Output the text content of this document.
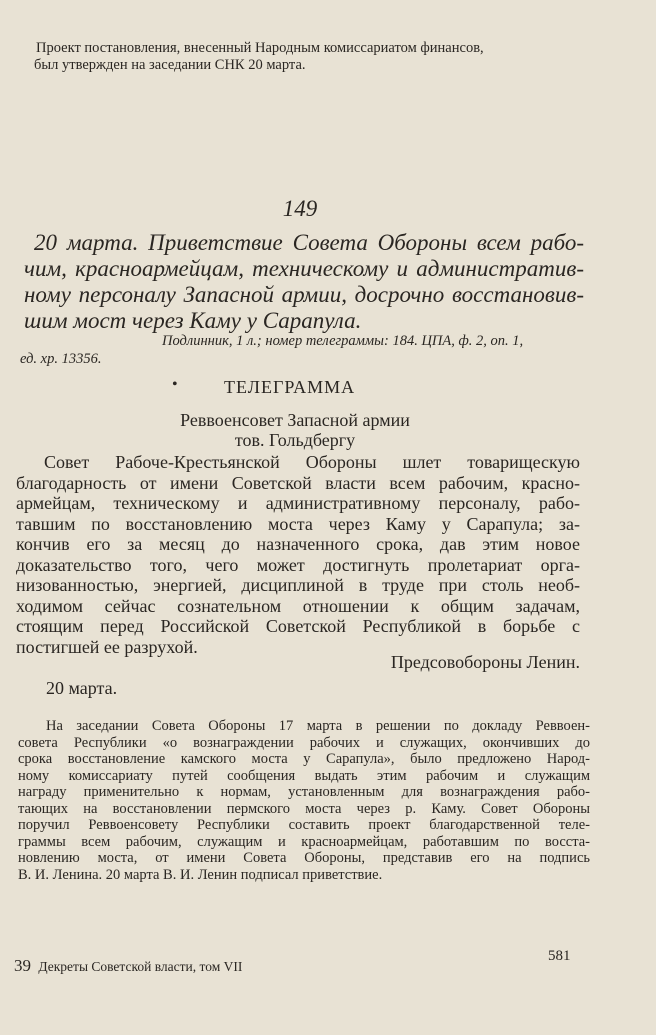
Проект постановления, внесенный Народным комиссариатом финансов,
был утвержден на заседании СНК 20 марта.
149
20 марта. Приветствие Совета Обороны всем рабо-
чим, красноармейцам, техническому и административ-
ному персоналу Запасной армии, досрочно восстановив-
шим мост через Каму у Сарапула.
Подлинник, 1 л.; номер телеграммы: 184. ЦПА, ф. 2, оп. 1,
ед. хр. 13356.
•	ТЕЛЕГРАММА
Реввоенсовет Запасной армии
тов. Гольдбергу
Совет Рабоче-Крестьянской Обороны шлет товарищескую
благодарность от имени Советской власти всем рабочим, красно-
армейцам, техническому и административному персоналу, рабо-
тавшим по восстановлению моста через Каму у Сарапула; за-
кончив его за месяц до назначенного срока, дав этим новое
доказательство того, чего может достигнуть пролетариат орга-
низованностью, энергией, дисциплиной в труде при столь необ-
ходимом сейчас сознательном отношении к общим задачам,
стоящим перед Российской Советской Республикой в борьбе с
постигшей ее разрухой.
Предсовобороны Ленин.
20 марта.
На заседании Совета Обороны 17 марта в решении по докладу Реввоен-
совета Республики «о вознаграждении рабочих и служащих, окончивших до
срока восстановление камского моста у Сарапула», было предложено Народ-
ному комиссариату путей сообщения выдать этим рабочим и служащим
награду применительно к нормам, установленным для вознаграждения рабо-
тающих на восстановлении пермского моста через р. Каму. Совет Обороны
поручил Реввоенсовету Республики составить проект благодарственной теле-
граммы всем рабочим, служащим и красноармейцам, работавшим по восста-
новлению моста, от имени Совета Обороны, представив его на подпись
В. И. Ленина. 20 марта В. И. Ленин подписал приветствие.
39 Декреты Советской власти, том VII
581
